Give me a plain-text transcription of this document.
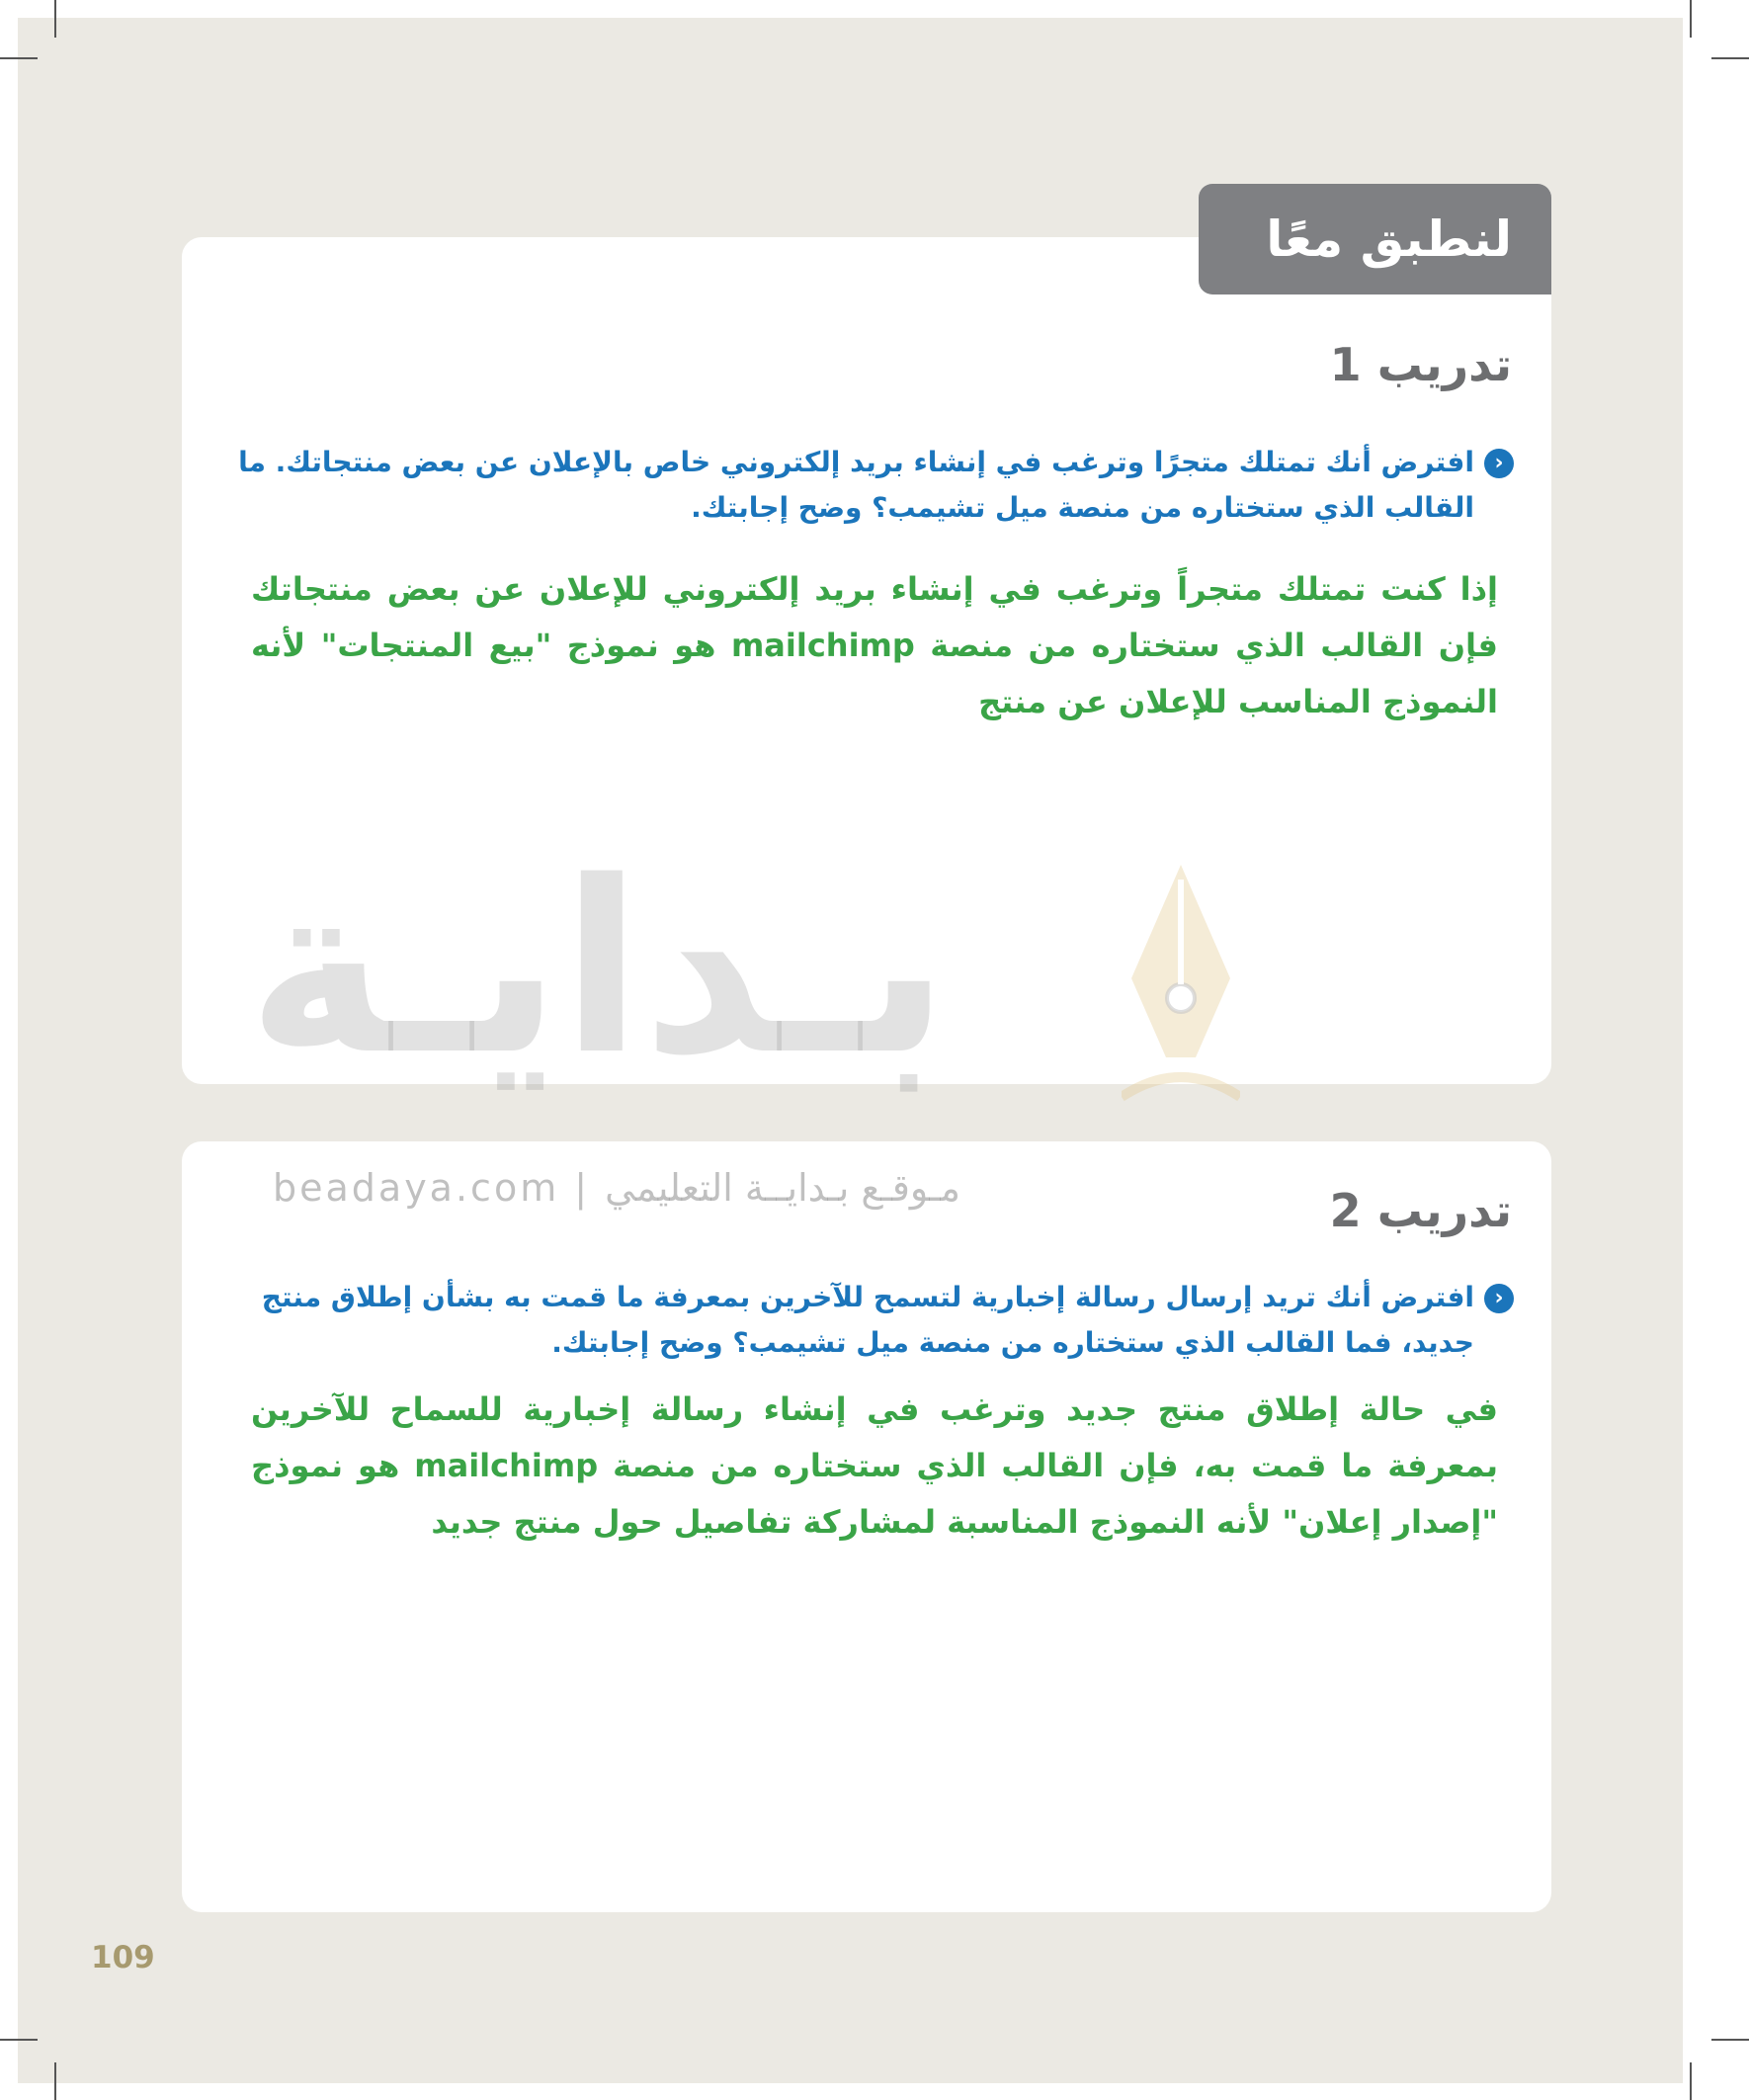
لنطبق معًا
بـدايـة
beadaya.com | مـوقـع بـدايــة التعليمي
تدريب 1
‹افترض أنك تمتلك متجرًا وترغب في إنشاء بريد إلكتروني خاص بالإعلان عن بعض منتجاتك. ما
القالب الذي ستختاره من منصة ميل تشيمب؟ وضح إجابتك.
إذا كنت تمتلك متجراً وترغب في إنشاء بريد إلكتروني للإعلان عن بعض منتجاتك فإن القالب الذي ستختاره من منصة mailchimp هو نموذج "بيع المنتجات" لأنه النموذج المناسب للإعلان عن منتج
تدريب 2
‹افترض أنك تريد إرسال رسالة إخبارية لتسمح للآخرين بمعرفة ما قمت به بشأن إطلاق منتج
جديد، فما القالب الذي ستختاره من منصة ميل تشيمب؟ وضح إجابتك.
في حالة إطلاق منتج جديد وترغب في إنشاء رسالة إخبارية للسماح للآخرين بمعرفة ما قمت به، فإن القالب الذي ستختاره من منصة mailchimp هو نموذج "إصدار إعلان" لأنه النموذج المناسبة لمشاركة تفاصيل حول منتج جديد
109
